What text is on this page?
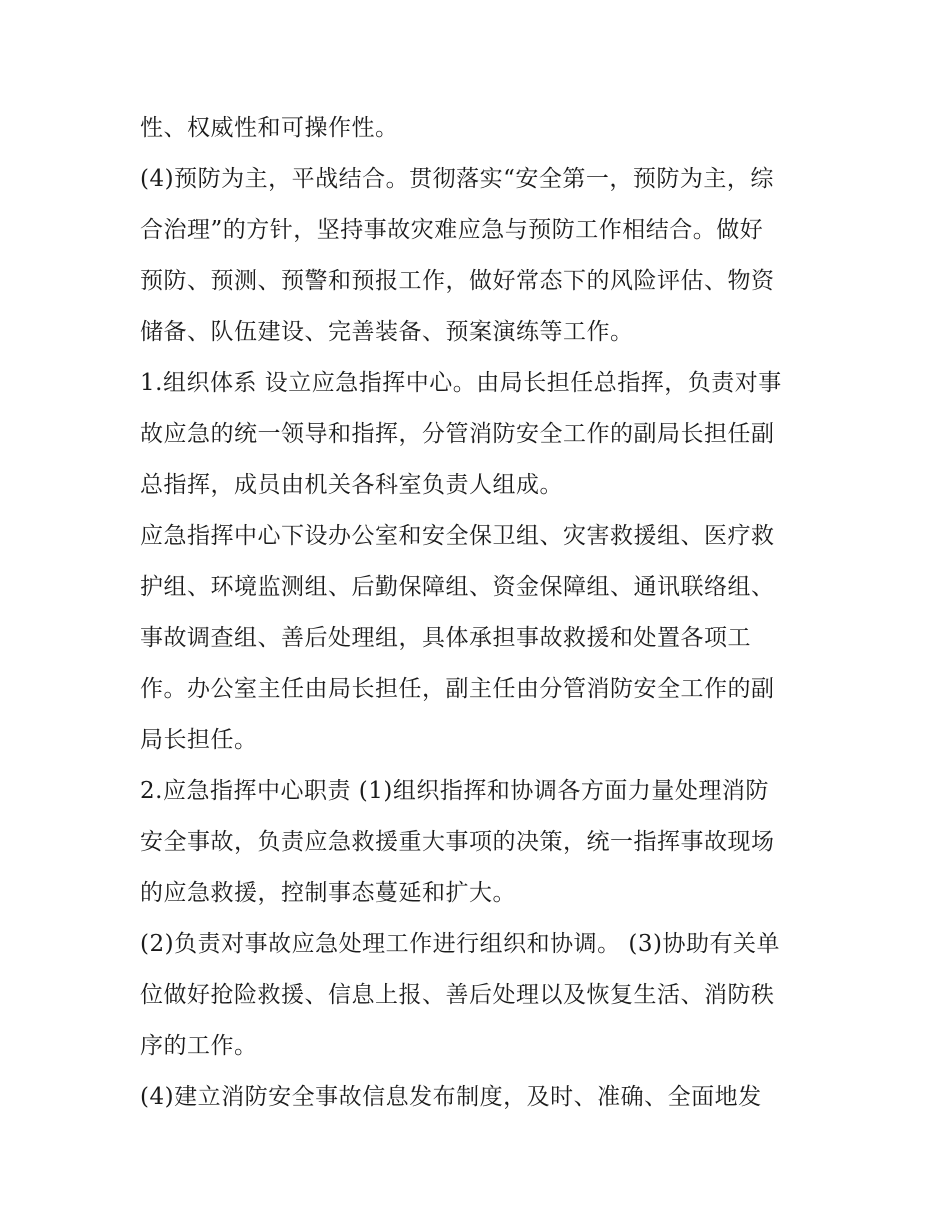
性、权威性和可操作性。
(4)预防为主，平战结合。贯彻落实“安全第一，预防为主，综
合治理”的方针，坚持事故灾难应急与预防工作相结合。做好
预防、预测、预警和预报工作，做好常态下的风险评估、物资
储备、队伍建设、完善装备、预案演练等工作。
1.组织体系 设立应急指挥中心。由局长担任总指挥，负责对事
故应急的统一领导和指挥，分管消防安全工作的副局长担任副
总指挥，成员由机关各科室负责人组成。
应急指挥中心下设办公室和安全保卫组、灾害救援组、医疗救
护组、环境监测组、后勤保障组、资金保障组、通讯联络组、
事故调查组、善后处理组，具体承担事故救援和处置各项工
作。办公室主任由局长担任，副主任由分管消防安全工作的副
局长担任。
2.应急指挥中心职责 (1)组织指挥和协调各方面力量处理消防
安全事故，负责应急救援重大事项的决策，统一指挥事故现场
的应急救援，控制事态蔓延和扩大。
(2)负责对事故应急处理工作进行组织和协调。 (3)协助有关单
位做好抢险救援、信息上报、善后处理以及恢复生活、消防秩
序的工作。
(4)建立消防安全事故信息发布制度，及时、准确、全面地发
